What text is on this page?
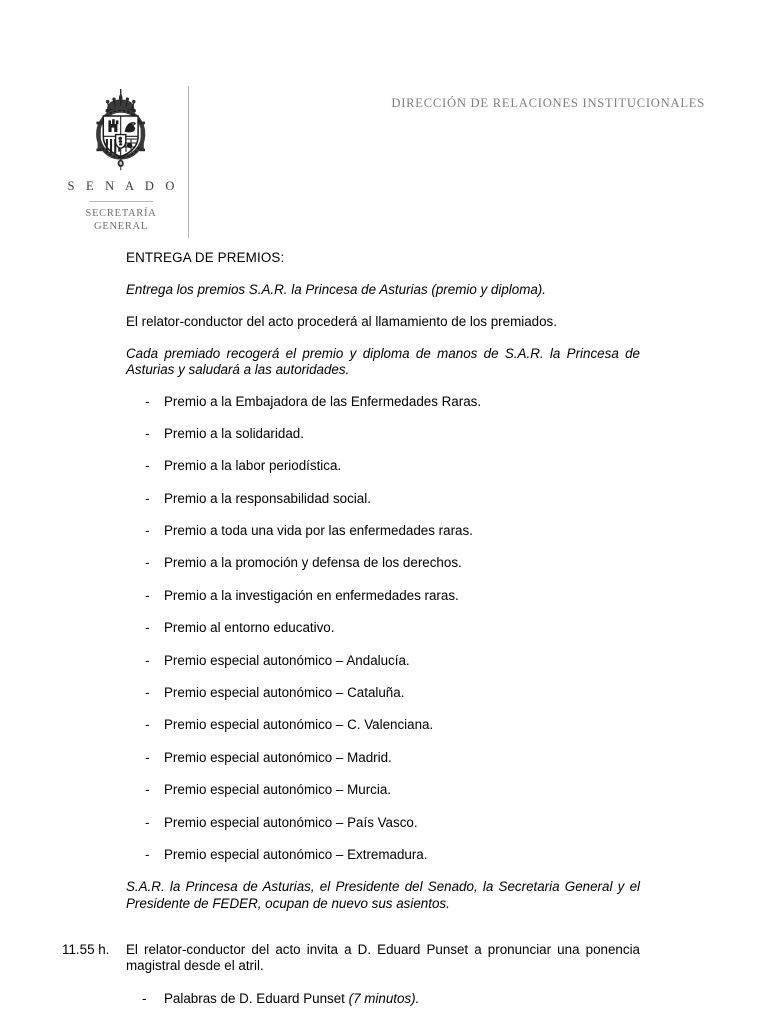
S E N A D O
SECRETARÍA
GENERAL
DIRECCIÓN DE RELACIONES INSTITUCIONALES
ENTREGA DE PREMIOS:

Entrega los premios S.A.R. la Princesa de Asturias (premio y diploma).

El relator-conductor del acto procederá al llamamiento de los premiados.

Cada premiado recogerá el premio y diploma de manos de S.A.R. la Princesa de Asturias y saludará a las autoridades.

-	Premio a la Embajadora de las Enfermedades Raras.
-	Premio a la solidaridad.
-	Premio a la labor periodística.
-	Premio a la responsabilidad social.
-	Premio a toda una vida por las enfermedades raras.
-	Premio a la promoción y defensa de los derechos.
-	Premio a la investigación en enfermedades raras.
-	Premio al entorno educativo.
-	Premio especial autonómico – Andalucía.
-	Premio especial autonómico – Cataluña.
-	Premio especial autonómico – C. Valenciana.
-	Premio especial autonómico – Madrid.
-	Premio especial autonómico – Murcia.
-	Premio especial autonómico – País Vasco.
-	Premio especial autonómico – Extremadura.

S.A.R. la Princesa de Asturias, el Presidente del Senado, la Secretaria General y el Presidente de FEDER, ocupan de nuevo sus asientos.

11.55 h.	El relator-conductor del acto invita a D. Eduard Punset a pronunciar una ponencia magistral desde el atril.
- Palabras de D. Eduard Punset (7 minutos).
